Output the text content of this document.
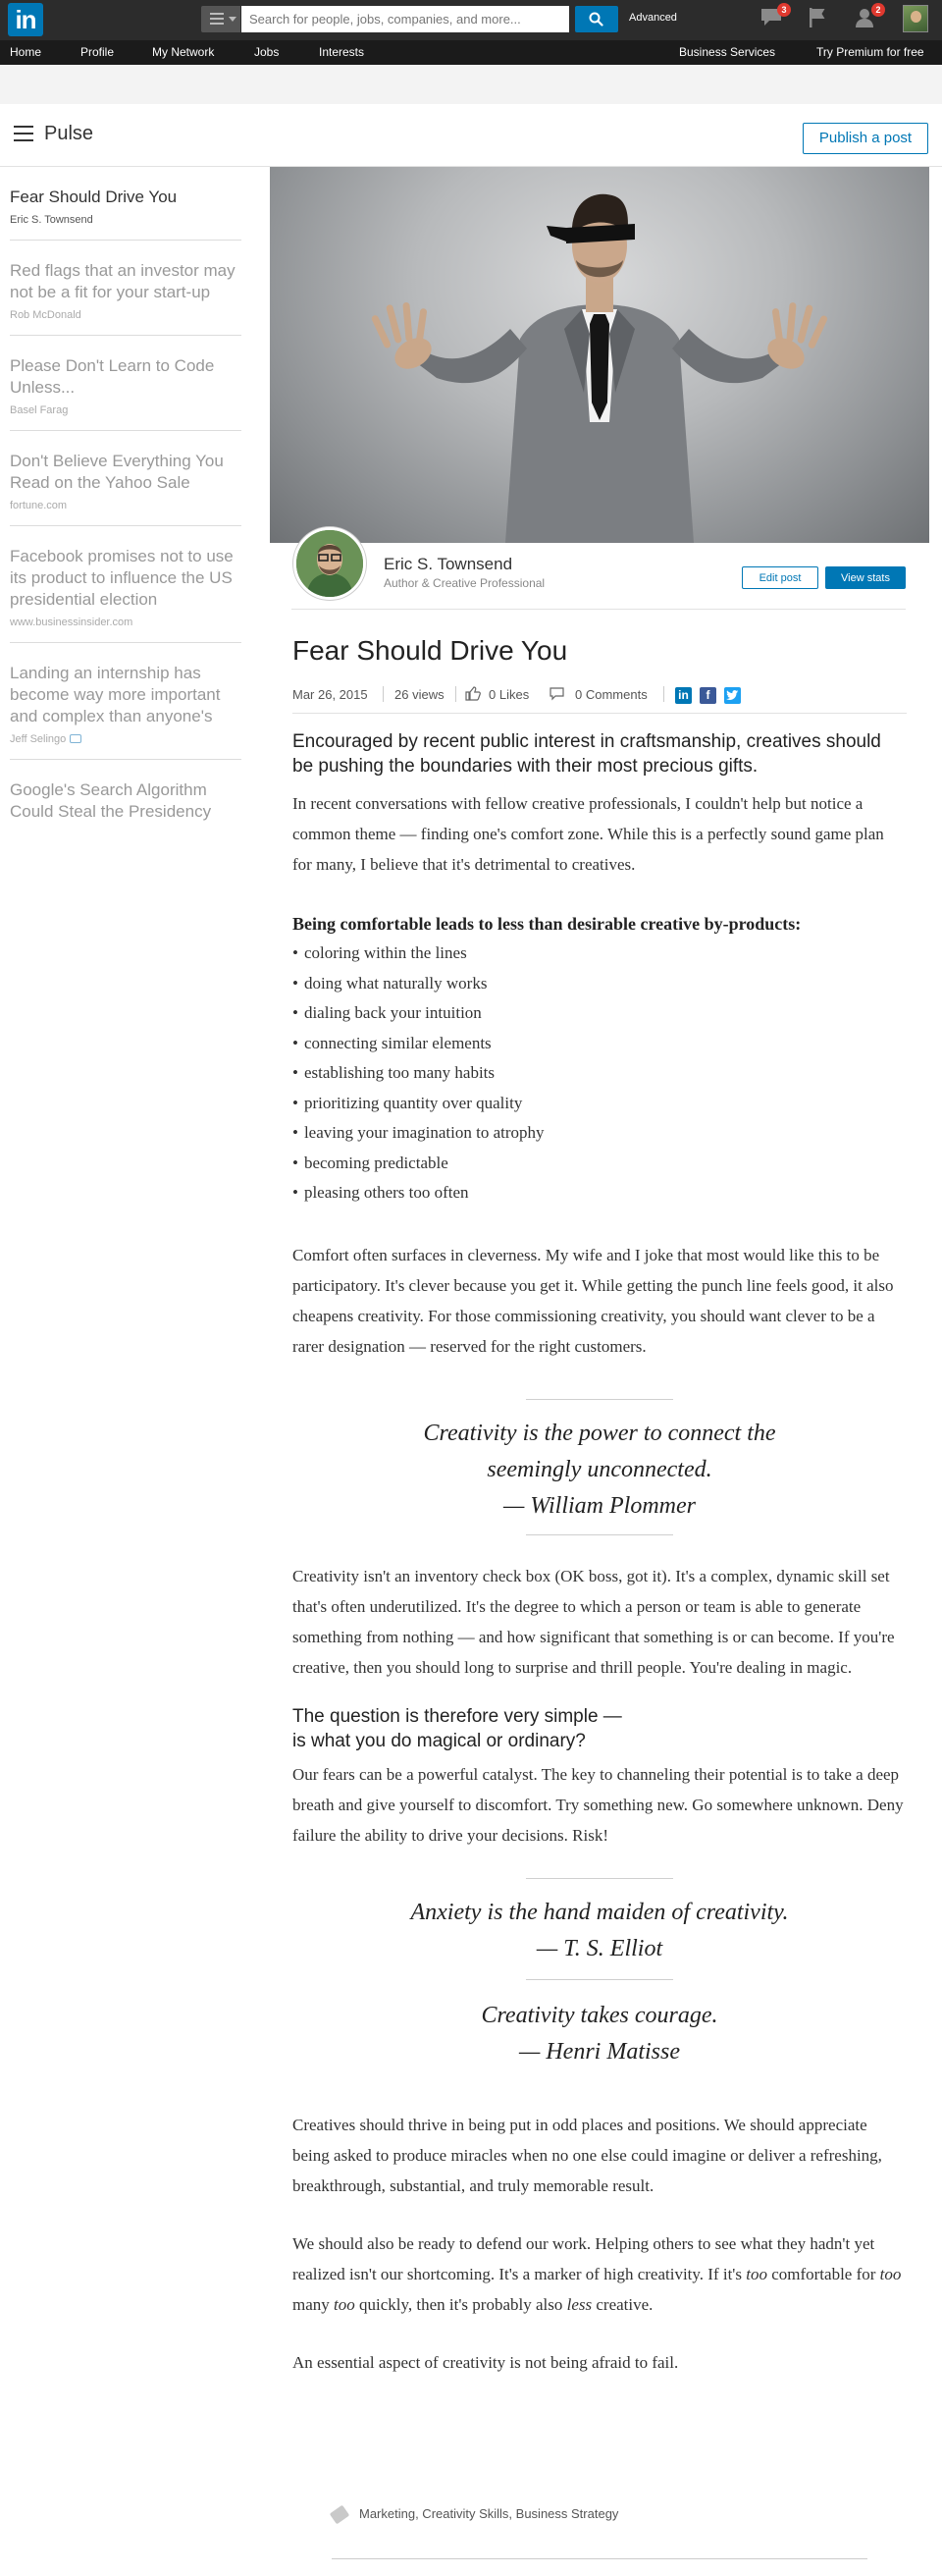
in
Search for people, jobs, companies, and more...	Advanced
3	2
Home	Profile	My Network	Jobs	Interests	Business Services	Try Premium for free
Pulse	Publish a post
Fear Should Drive You
Eric S. Townsend
Red flags that an investor may not be a fit for your start-up
Rob McDonald
Please Don't Learn to Code Unless...
Basel Farag
Don't Believe Everything You Read on the Yahoo Sale
fortune.com
Facebook promises not to use its product to influence the US presidential election
www.businessinsider.com
Landing an internship has become way more important and complex than anyone's
Jeff Selingo
Google's Search Algorithm Could Steal the Presidency
Eric S. Townsend
Author & Creative Professional	Edit post	View stats
Fear Should Drive You
Mar 26, 2015 26 views	0 Likes	0 Comments	in	f

Encouraged by recent public interest in craftsmanship, creatives should be pushing the boundaries with their most precious gifts.

In recent conversations with fellow creative professionals, I couldn't help but notice a common theme — finding one's comfort zone. While this is a perfectly sound game plan for many, I believe that it's detrimental to creatives.

Being comfortable leads to less than desirable creative by-products:

• coloring within the lines
• doing what naturally works
• dialing back your intuition
• connecting similar elements
• establishing too many habits
• prioritizing quantity over quality
• leaving your imagination to atrophy
• becoming predictable
• pleasing others too often

Comfort often surfaces in cleverness. My wife and I joke that most would like this to be participatory. It's clever because you get it. While getting the punch line feels good, it also cheapens creativity. For those commissioning creativity, you should want clever to be a rarer designation — reserved for the right customers.

Creativity is the power to connect the
seemingly unconnected.
— William Plommer

Creativity isn't an inventory check box (OK boss, got it). It's a complex, dynamic skill set that's often underutilized. It's the degree to which a person or team is able to generate something from nothing — and how significant that something is or can become. If you're creative, then you should long to surprise and thrill people. You're dealing in magic.

The question is therefore very simple —
is what you do magical or ordinary?

Our fears can be a powerful catalyst. The key to channeling their potential is to take a deep breath and give yourself to discomfort. Try something new. Go somewhere unknown. Deny failure the ability to drive your decisions. Risk!

Anxiety is the hand maiden of creativity.
— T. S. Elliot
Creativity takes courage.
— Henri Matisse

Creatives should thrive in being put in odd places and positions. We should appreciate being asked to produce miracles when no one else could imagine or deliver a refreshing, breakthrough, substantial, and truly memorable result.

We should also be ready to defend our work. Helping others to see what they hadn't yet realized isn't our shortcoming. It's a marker of high creativity. If it's too comfortable for too many too quickly, then it's probably also less creative.

An essential aspect of creativity is not being afraid to fail.

Marketing, Creativity Skills, Business Strategy
